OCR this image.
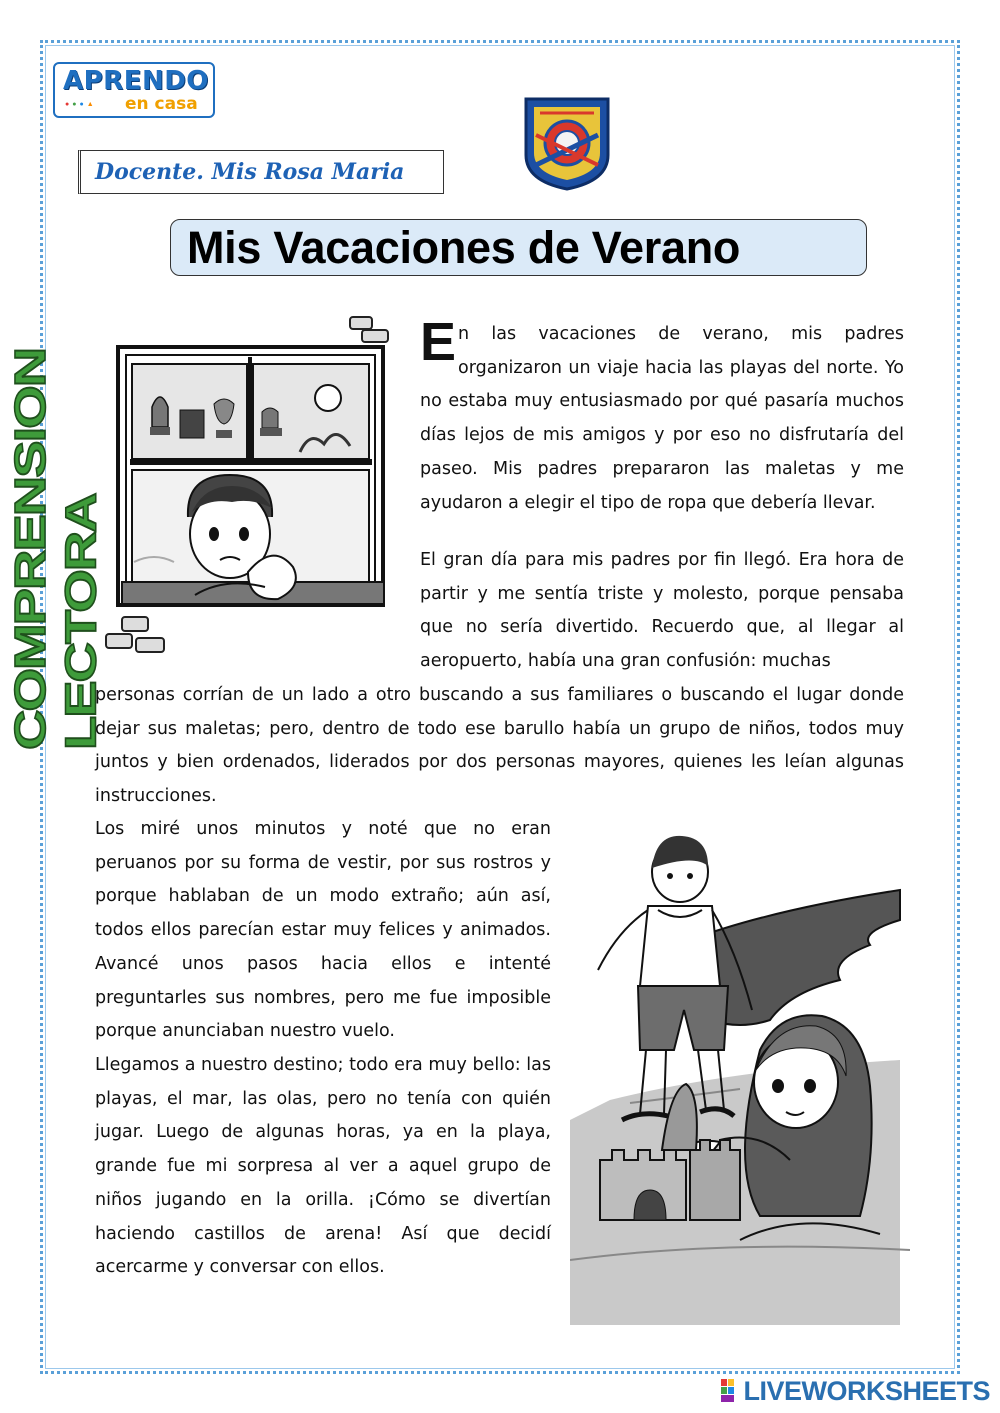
APRENDO
●●●▲ en casa
Docente. Mis Rosa Maria
Mis Vacaciones de Verano
COMPRENSION LECTORA

En las vacaciones de verano, mis padres organizaron un viaje hacia las playas del norte. Yo no estaba muy entusiasmado por qué pasaría muchos días lejos de mis amigos y por eso no disfrutaría del paseo. Mis padres prepararon las maletas y me ayudaron a elegir el tipo de ropa que debería llevar.

El gran día para mis padres por fin llegó. Era hora de partir y me sentía triste y molesto, porque pensaba que no sería divertido. Recuerdo que, al llegar al aeropuerto, había una gran confusión: muchas

personas corrían de un lado a otro buscando a sus familiares o buscando el lugar donde dejar sus maletas; pero, dentro de todo ese barullo había un grupo de niños, todos muy juntos y bien ordenados, liderados por dos personas mayores, quienes les leían algunas instrucciones.

Los miré unos minutos y noté que no eran peruanos por su forma de vestir, por sus rostros y porque hablaban de un modo extraño; aún así, todos ellos parecían estar muy felices y animados. Avancé unos pasos hacia ellos e intenté preguntarles sus nombres, pero me fue imposible porque anunciaban nuestro vuelo.

Llegamos a nuestro destino; todo era muy bello: las playas, el mar, las olas, pero no tenía con quién jugar. Luego de algunas horas, ya en la playa, grande fue mi sorpresa al ver a aquel grupo de niños jugando en la orilla. ¡Cómo se divertían haciendo castillos de arena! Así que decidí acercarme y conversar con ellos.

LIVEWORKSHEETS
